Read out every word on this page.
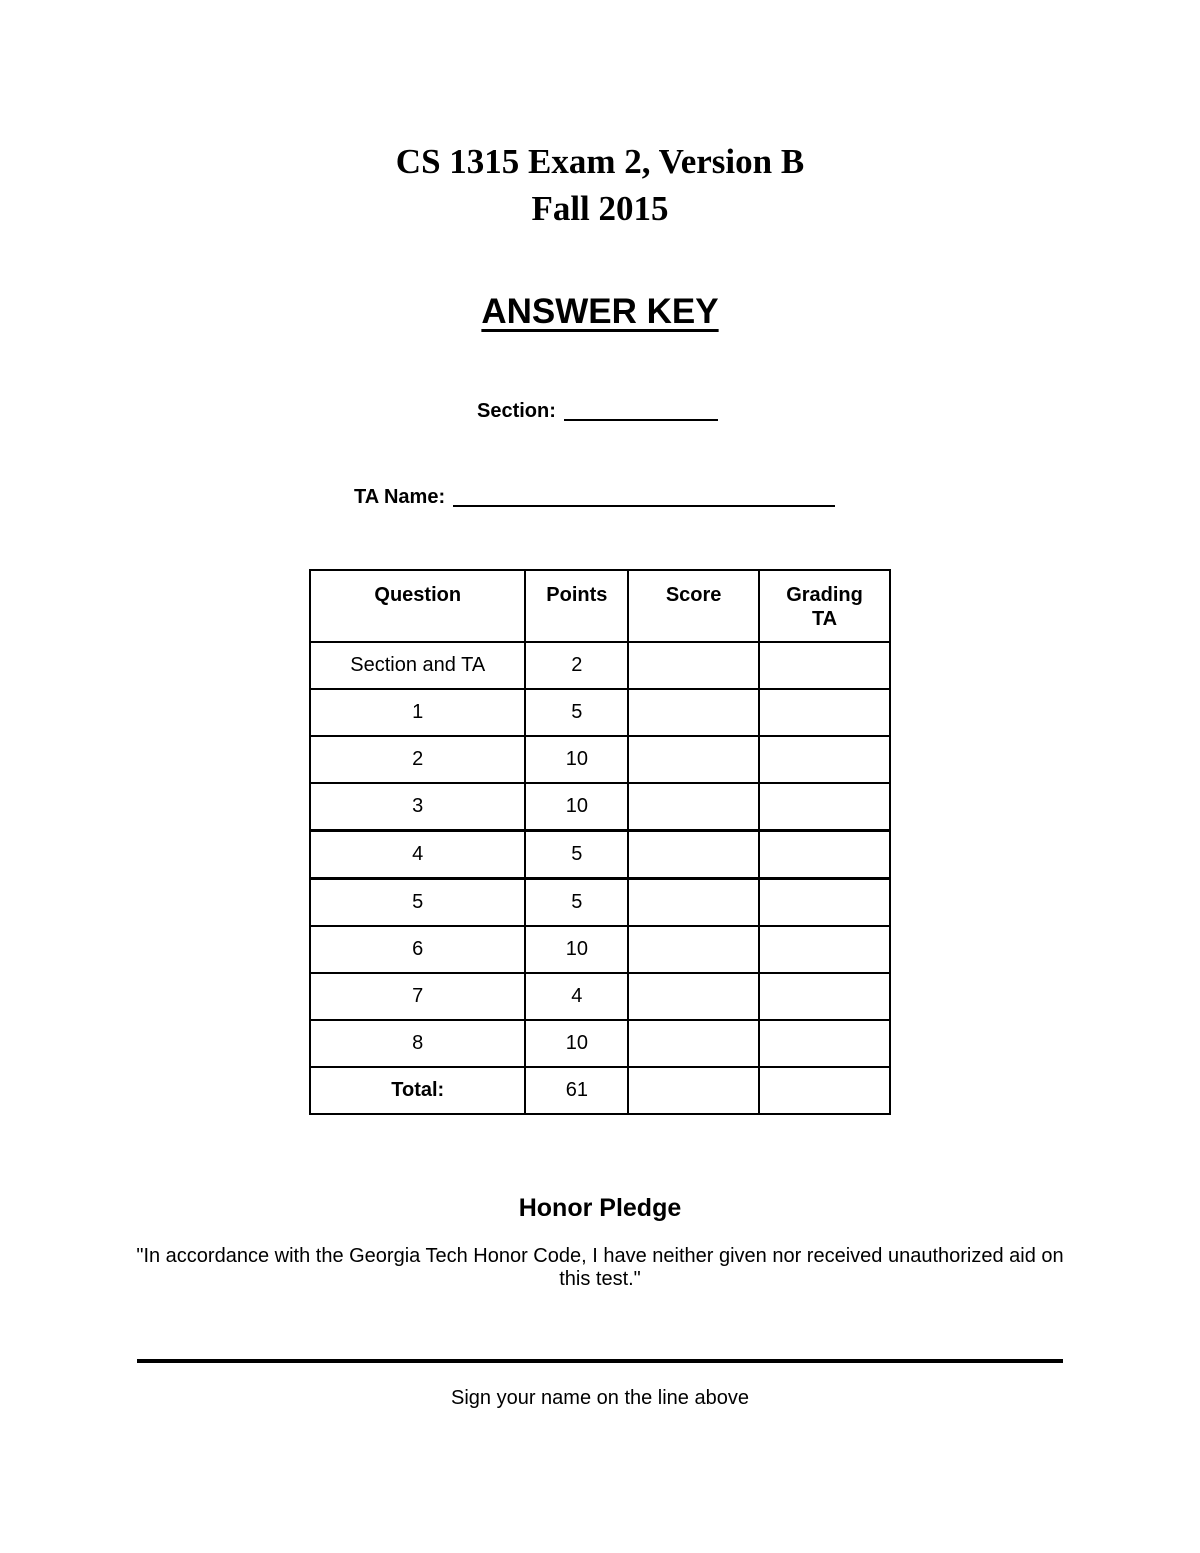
CS 1315 Exam 2, Version B
Fall 2015
ANSWER KEY
Section:
TA Name:
Question	Points	Score	Grading TA
Section and TA	2		
1	5		
2	10		
3	10		
4	5		
5	5		
6	10		
7	4		
8	10		
Total:	61		
Honor Pledge
"In accordance with the Georgia Tech Honor Code, I have neither given nor received unauthorized aid on this test."
Sign your name on the line above
